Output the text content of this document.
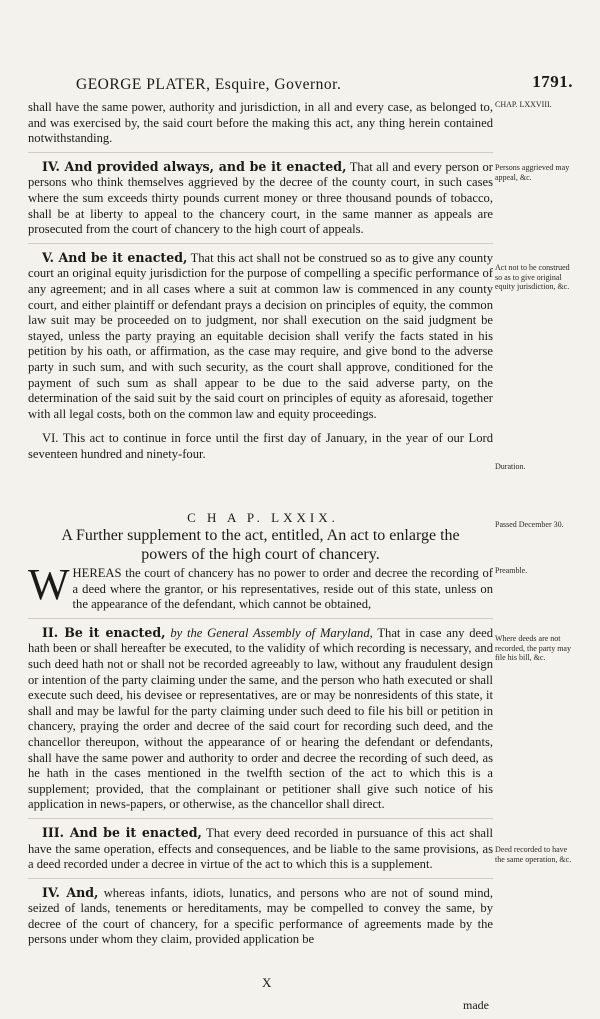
GEORGE PLATER, Esquire, Governor.	1791.
CHAP. LXXVIII.
Persons aggrieved may appeal, &c.
Act not to be construed so as to give original equity jurisdiction, &c.
Duration.
Passed December 30.
Preamble.
Where deeds are not recorded, the party may file his bill, &c.
Deed recorded to have the same operation, &c.

shall have the same power, authority and jurisdiction, in all and every case, as belonged to, and was exercised by, the said court before the making this act, any thing herein contained notwithstanding.

IV. And provided always, and be it enacted, That all and every person or persons who think themselves aggrieved by the decree of the county court, in such cases where the sum exceeds thirty pounds current money or three thousand pounds of tobacco, shall be at liberty to appeal to the chancery court, in the same manner as appeals are prosecuted from the court of chancery to the high court of appeals.

V. And be it enacted, That this act shall not be construed so as to give any county court an original equity jurisdiction for the purpose of compelling a specific performance of any agreement; and in all cases where a suit at common law is commenced in any county court, and either plaintiff or defendant prays a decision on principles of equity, the common law suit may be proceeded on to judgment, nor shall execution on the said judgment be stayed, unless the party praying an equitable decision shall verify the facts stated in his petition by his oath, or affirmation, as the case may require, and give bond to the adverse party in such sum, and with such security, as the court shall approve, conditioned for the payment of such sum as shall appear to be due to the said adverse party, on the determination of the said suit by the said court on principles of equity as aforesaid, together with all legal costs, both on the common law and equity proceedings.

VI. This act to continue in force until the first day of January, in the year of our Lord seventeen hundred and ninety-four.

C H A P. LXXIX.
A Further supplement to the act, entitled, An act to enlarge the
powers of the high court of chancery.

WHEREAS the court of chancery has no power to order and decree the recording of a deed where the grantor, or his representatives, reside out of this state, unless on the appearance of the defendant, which cannot be obtained,

II. Be it enacted, by the General Assembly of Maryland, That in case any deed hath been or shall hereafter be executed, to the validity of which recording is necessary, and such deed hath not or shall not be recorded agreeably to law, without any fraudulent design or intention of the party claiming under the same, and the person who hath executed or shall execute such deed, his devisee or representatives, are or may be nonresidents of this state, it shall and may be lawful for the party claiming under such deed to file his bill or petition in chancery, praying the order and decree of the said court for recording such deed, and the chancellor thereupon, without the appearance of or hearing the defendant or defendants, shall have the same power and authority to order and decree the recording of such deed, as he hath in the cases mentioned in the twelfth section of the act to which this is a supplement; provided, that the complainant or petitioner shall give such notice of his application in news-papers, or otherwise, as the chancellor shall direct.

III. And be it enacted, That every deed recorded in pursuance of this act shall have the same operation, effects and consequences, and be liable to the same provisions, as a deed recorded under a decree in virtue of the act to which this is a supplement.

IV. And, whereas infants, idiots, lunatics, and persons who are not of sound mind, seized of lands, tenements or hereditaments, may be compelled to convey the same, by decree of the court of chancery, for a specific performance of agreements made by the persons under whom they claim, provided application be

X
made
